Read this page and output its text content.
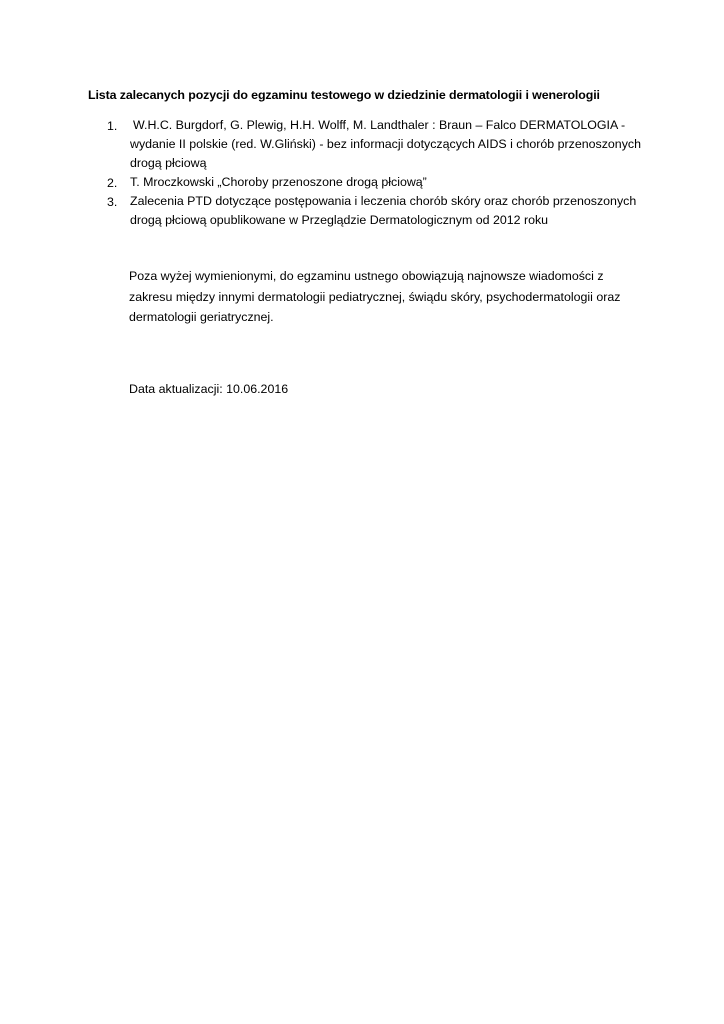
Lista zalecanych pozycji do egzaminu testowego w dziedzinie dermatologii i wenerologii
1. W.H.C. Burgdorf, G. Plewig, H.H. Wolff, M. Landthaler : Braun – Falco DERMATOLOGIA -
wydanie II polskie (red. W.Gliński) - bez informacji dotyczących AIDS i chorób przenoszonych
drogą płciową
2. T. Mroczkowski „Choroby przenoszone drogą płciową”
3. Zalecenia PTD dotyczące postępowania i leczenia chorób skóry oraz chorób przenoszonych
drogą płciową opublikowane w Przeglądzie Dermatologicznym od 2012 roku
Poza wyżej wymienionymi, do egzaminu ustnego obowiązują najnowsze wiadomości z
zakresu między innymi dermatologii pediatrycznej, świądu skóry, psychodermatologii oraz
dermatologii geriatrycznej.
Data aktualizacji: 10.06.2016
